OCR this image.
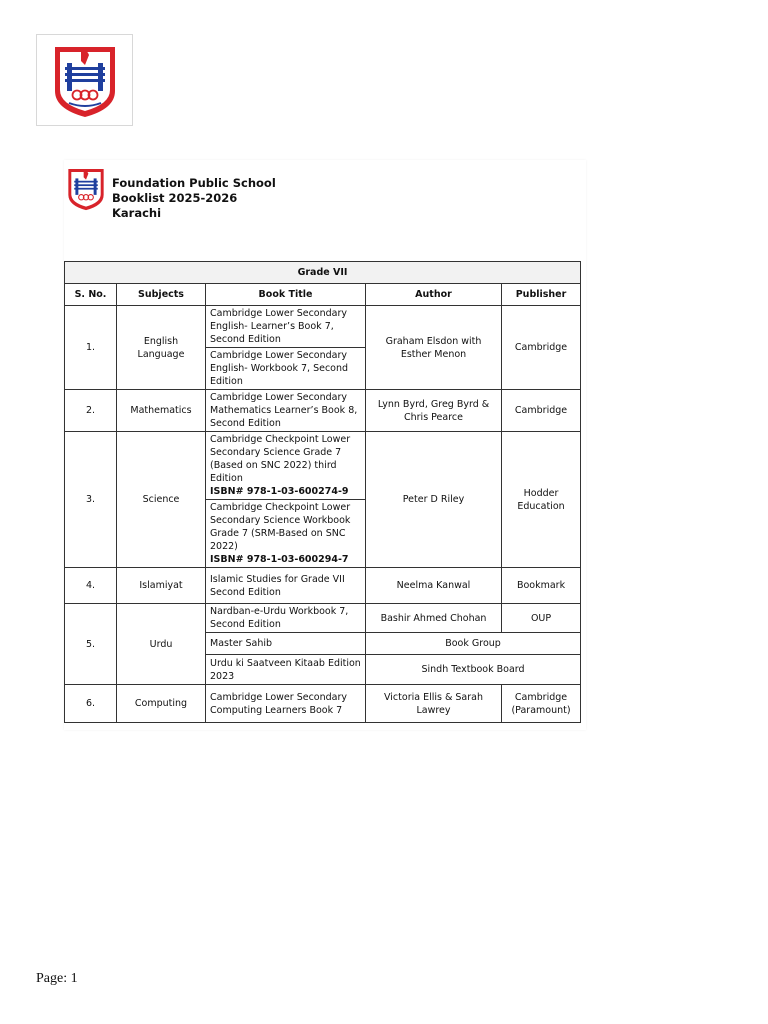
Foundation Public School
Booklist 2025-2026
Karachi
Grade VII				
S. No.	Subjects	Book Title	Author	Publisher
1.	English Language	Cambridge Lower Secondary English- Learner’s Book 7, Second Edition	Graham Elsdon with Esther Menon	Cambridge
		Cambridge Lower Secondary English- Workbook 7, Second Edition		
2.	Mathematics	Cambridge Lower Secondary Mathematics Learner’s Book 8, Second Edition	Lynn Byrd, Greg Byrd & Chris Pearce	Cambridge
3.	Science	Cambridge Checkpoint Lower Secondary Science Grade 7 (Based on SNC 2022) third Edition
ISBN# 978-1-03-600274-9	Peter D Riley	Hodder Education
		Cambridge Checkpoint Lower Secondary Science Workbook Grade 7 (SRM-Based on SNC 2022)
ISBN# 978-1-03-600294-7		

4.	Islamiyat	Islamic Studies for Grade VII Second Edition	Neelma Kanwal	Bookmark
5.	Urdu	Nardban-e-Urdu Workbook 7, Second Edition	Bashir Ahmed Chohan	OUP
		Master Sahib	Book Group	
		Urdu ki Saatveen Kitaab Edition 2023	Sindh Textbook Board	
6.	Computing	Cambridge Lower Secondary Computing Learners Book 7	Victoria Ellis & Sarah Lawrey	Cambridge (Paramount)
Page: 1
